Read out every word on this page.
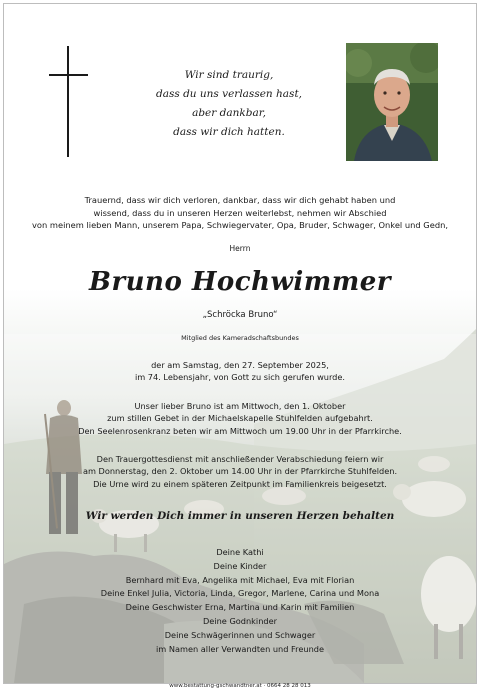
Wir sind traurig,
dass du uns verlassen hast,
aber dankbar,
dass wir dich hatten.
Trauernd, dass wir dich verloren, dankbar, dass wir dich gehabt haben und
wissend, dass du in unseren Herzen weiterlebst, nehmen wir Abschied
von meinem lieben Mann, unserem Papa, Schwiegervater, Opa, Bruder, Schwager, Onkel und Gedn,
Herrn
Bruno Hochwimmer
„Schröcka Bruno“
Mitglied des Kameradschaftsbundes
der am Samstag, den 27. September 2025,
im 74. Lebensjahr, von Gott zu sich gerufen wurde.
Unser lieber Bruno ist am Mittwoch, den 1. Oktober
zum stillen Gebet in der Michaelskapelle Stuhlfelden aufgebahrt.
Den Seelenrosenkranz beten wir am Mittwoch um 19.00 Uhr in der Pfarrkirche.
Den Trauergottesdienst mit anschließender Verabschiedung feiern wir
am Donnerstag, den 2. Oktober um 14.00 Uhr in der Pfarrkirche Stuhlfelden.
Die Urne wird zu einem späteren Zeitpunkt im Familienkreis beigesetzt.
Wir werden Dich immer in unseren Herzen behalten
Deine Kathi
Deine Kinder
Bernhard mit Eva, Angelika mit Michael, Eva mit Florian
Deine Enkel Julia, Victoria, Linda, Gregor, Marlene, Carina und Mona
Deine Geschwister Erna, Martina und Karin mit Familien
Deine Godnkinder
Deine Schwägerinnen und Schwager
im Namen aller Verwandten und Freunde
www.bestattung-gschwandtner.at · 0664 28 28 013
